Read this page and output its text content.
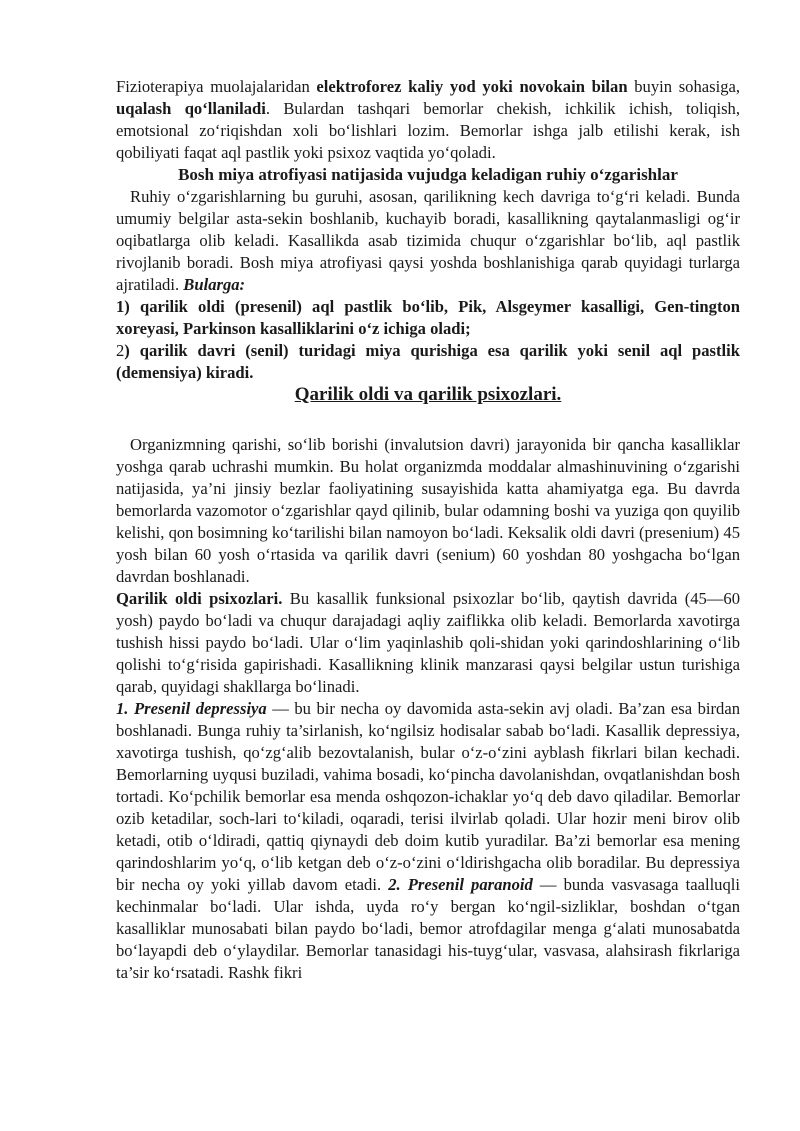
Fizioterapiya muolajalaridan elektroforez kaliy yod yoki novokain bilan buyin sohasiga, uqalash qo‘llaniladi. Bulardan tashqari bemorlar chekish, ichkilik ichish, toliqish, emotsional zo‘riqishdan xoli bo‘lishlari lozim. Bemorlar ishga jalb etilishi kerak, ish qobiliyati faqat aql pastlik yoki psixoz vaqtida yo‘qoladi.

Bosh miya atrofiyasi natijasida vujudga keladigan ruhiy o‘zgarishlar

Ruhiy o‘zgarishlarning bu guruhi, asosan, qarilikning kech davriga to‘g‘ri keladi. Bunda umumiy belgilar asta-sekin boshlanib, kuchayib boradi, kasallikning qaytalanmasligi og‘ir oqibatlarga olib keladi. Kasallikda asab tizimida chuqur o‘zgarishlar bo‘lib, aql pastlik rivojlanib boradi. Bosh miya atrofiyasi qaysi yoshda boshlanishiga qarab quyidagi turlarga ajratiladi. Bularga:

1) qarilik oldi (presenil) aql pastlik bo‘lib, Pik, Alsgeymer kasalligi, Gen-tington xoreyasi, Parkinson kasalliklarini o‘z ichiga oladi;

2) qarilik davri (senil) turidagi miya qurishiga esa qarilik yoki senil aql pastlik (demensiya) kiradi.

Qarilik oldi va qarilik psixozlari.

Organizmning qarishi, so‘lib borishi (invalutsion davri) jarayonida bir qancha kasalliklar yoshga qarab uchrashi mumkin. Bu holat organizmda moddalar almashinuvining o‘zgarishi natijasida, ya’ni jinsiy bezlar faoliyatining susayishida katta ahamiyatga ega. Bu davrda bemorlarda vazomotor o‘zgarishlar qayd qilinib, bular odamning boshi va yuziga qon quyilib kelishi, qon bosimning ko‘tarilishi bilan namoyon bo‘ladi. Keksalik oldi davri (presenium) 45 yosh bilan 60 yosh o‘rtasida va qarilik davri (senium) 60 yoshdan 80 yoshgacha bo‘lgan davrdan boshlanadi.

Qarilik oldi psixozlari. Bu kasallik funksional psixozlar bo‘lib, qaytish davrida (45—60 yosh) paydo bo‘ladi va chuqur darajadagi aqliy zaiflikka olib keladi. Bemorlarda xavotirga tushish hissi paydo bo‘ladi. Ular o‘lim yaqinlashib qoli-shidan yoki qarindoshlarining o‘lib qolishi to‘g‘risida gapirishadi. Kasallikning klinik manzarasi qaysi belgilar ustun turishiga qarab, quyidagi shakllarga bo‘linadi.

1. Presenil depressiya — bu bir necha oy davomida asta-sekin avj oladi. Ba’zan esa birdan boshlanadi. Bunga ruhiy ta’sirlanish, ko‘ngilsiz hodisalar sabab bo‘ladi. Kasallik depressiya, xavotirga tushish, qo‘zg‘alib bezovtalanish, bular o‘z-o‘zini ayblash fikrlari bilan kechadi. Bemorlarning uyqusi buziladi, vahima bosadi, ko‘pincha davolanishdan, ovqatlanishdan bosh tortadi. Ko‘pchilik bemorlar esa menda oshqozon-ichaklar yo‘q deb davo qiladilar. Bemorlar ozib ketadilar, soch-lari to‘kiladi, oqaradi, terisi ilvirlab qoladi. Ular hozir meni birov olib ketadi, otib o‘ldiradi, qattiq qiynaydi deb doim kutib yuradilar. Ba’zi bemorlar esa mening qarindoshlarim yo‘q, o‘lib ketgan deb o‘z-o‘zini o‘ldirishgacha olib boradilar. Bu depressiya bir necha oy yoki yillab davom etadi. 2. Presenil paranoid — bunda vasvasaga taalluqli kechinmalar bo‘ladi. Ular ishda, uyda ro‘y bergan ko‘ngil-sizliklar, boshdan o‘tgan kasalliklar munosabati bilan paydo bo‘ladi, bemor atrofdagilar menga g‘alati munosabatda bo‘layapdi deb o‘ylaydilar. Bemorlar tanasidagi his-tuyg‘ular, vasvasa, alahsirash fikrlariga ta’sir ko‘rsatadi. Rashk fikri
